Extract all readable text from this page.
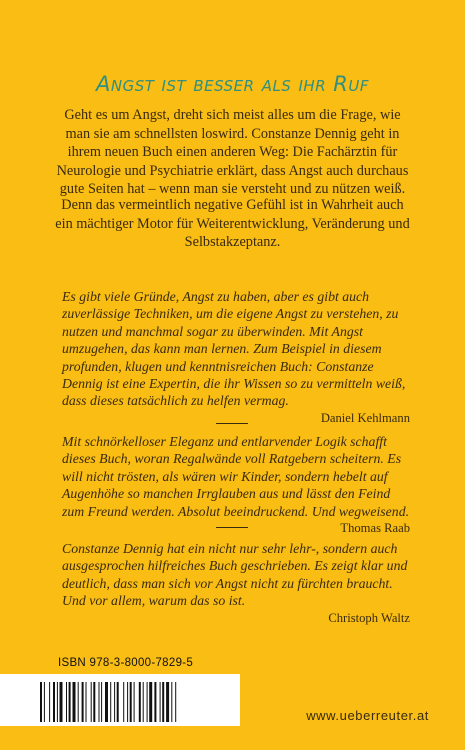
Angst ist besser als ihr Ruf
Geht es um Angst, dreht sich meist alles um die Frage, wie man sie am schnellsten loswird. Constanze Dennig geht in ihrem neuen Buch einen anderen Weg: Die Fachärztin für Neurologie und Psychiatrie erklärt, dass Angst auch durchaus gute Seiten hat – wenn man sie versteht und zu nützen weiß.
Denn das vermeintlich negative Gefühl ist in Wahrheit auch ein mächtiger Motor für Weiterentwicklung, Veränderung und Selbstakzeptanz.
Es gibt viele Gründe, Angst zu haben, aber es gibt auch zuverlässige Techniken, um die eigene Angst zu verstehen, zu nutzen und manchmal sogar zu überwinden. Mit Angst umzugehen, das kann man lernen. Zum Beispiel in diesem profunden, klugen und kenntnisreichen Buch: Constanze Dennig ist eine Expertin, die ihr Wissen so zu vermitteln weiß, dass dieses tatsächlich zu helfen vermag.
Daniel Kehlmann
Mit schnörkelloser Eleganz und entlarvender Logik schafft dieses Buch, woran Regalwände voll Ratgebern scheitern. Es will nicht trösten, als wären wir Kinder, sondern hebelt auf Augenhöhe so manchen Irrglauben aus und lässt den Feind zum Freund werden. Absolut beeindruckend. Und wegweisend.
Thomas Raab
Constanze Dennig hat ein nicht nur sehr lehr-, sondern auch ausgesprochen hilfreiches Buch geschrieben. Es zeigt klar und deutlich, dass man sich vor Angst nicht zu fürchten braucht. Und vor allem, warum das so ist.
Christoph Waltz
ISBN 978-3-8000-7829-5
www.ueberreuter.at
